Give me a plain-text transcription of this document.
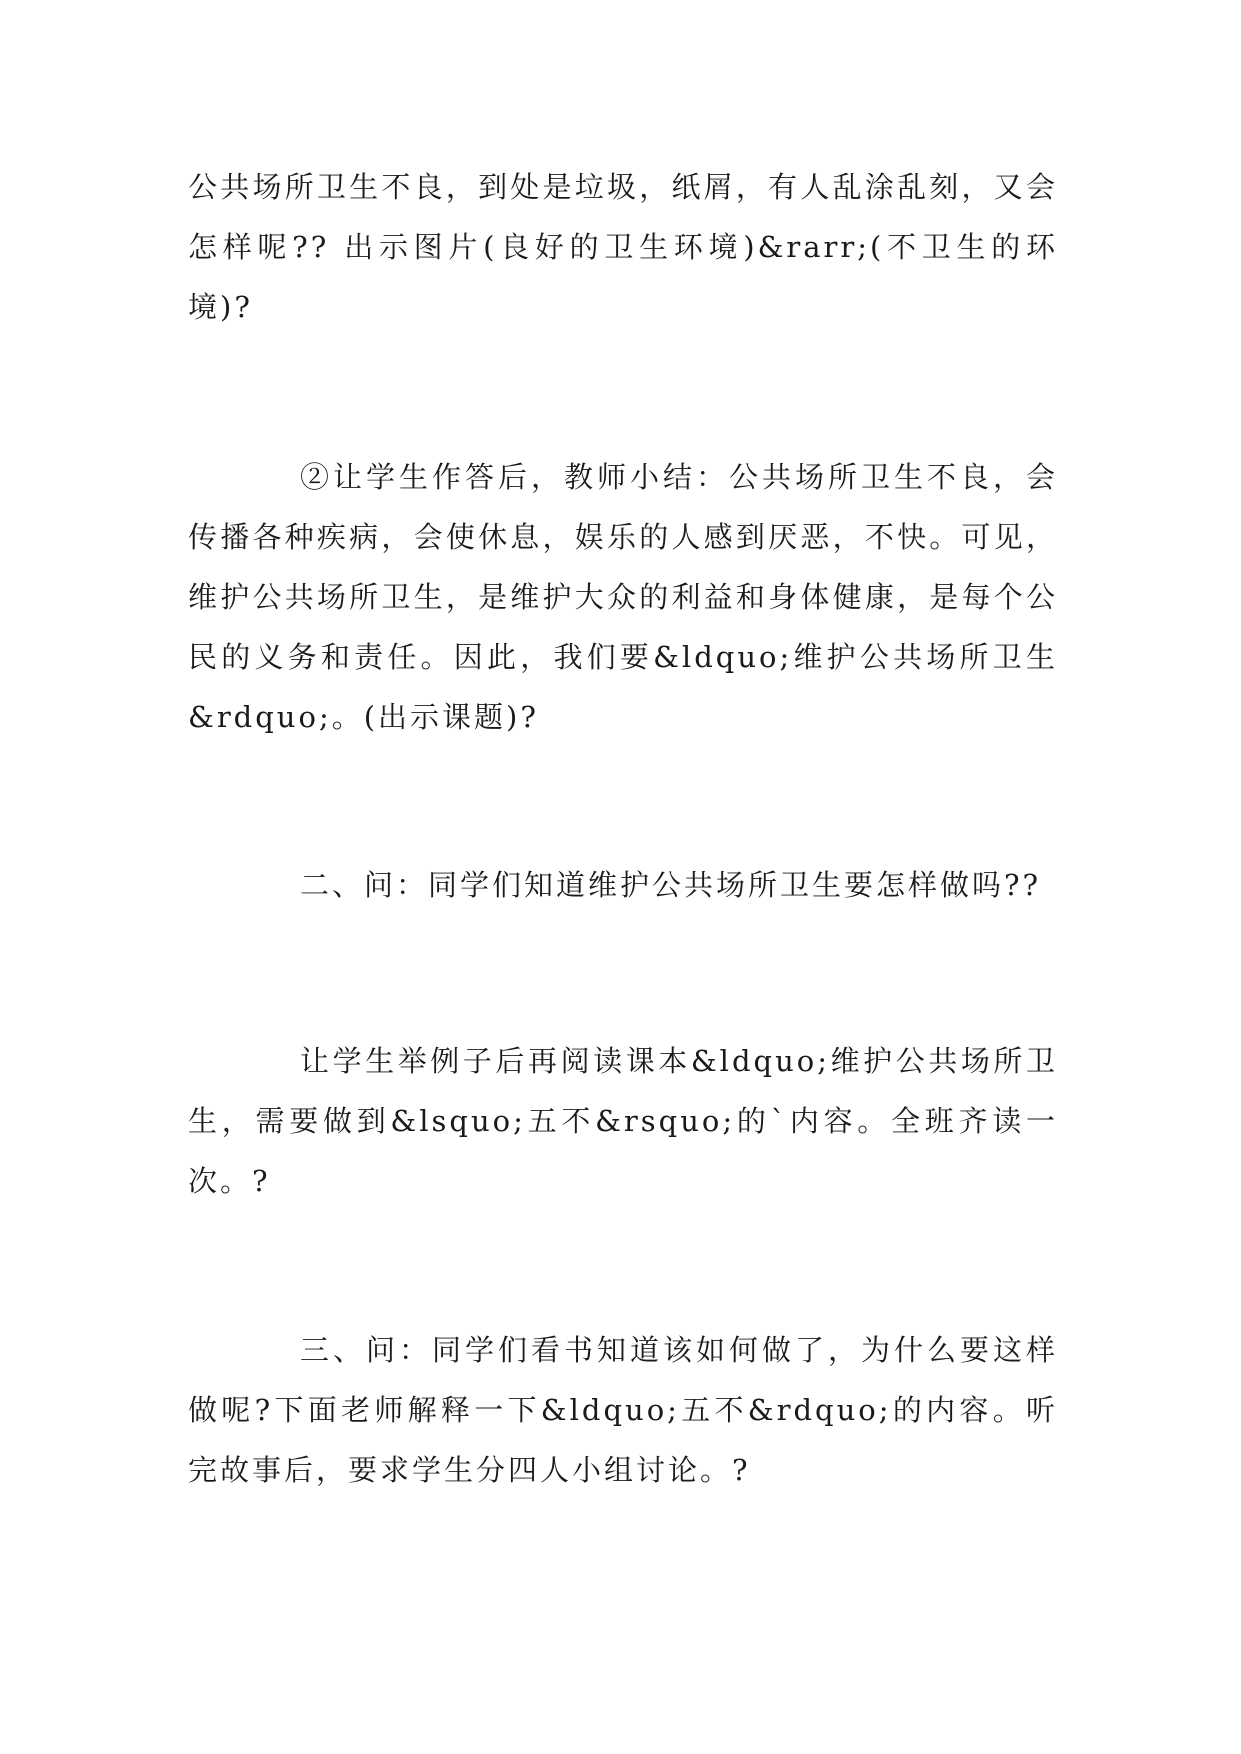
公共场所卫生不良，到处是垃圾，纸屑，有人乱涂乱刻，又会怎样呢?? 出示图片(良好的卫生环境)&rarr;(不卫生的环境)?

②让学生作答后，教师小结：公共场所卫生不良，会传播各种疾病，会使休息，娱乐的人感到厌恶，不快。可见，维护公共场所卫生，是维护大众的利益和身体健康，是每个公民的义务和责任。因此，我们要&ldquo;维护公共场所卫生&rdquo;。(出示课题)?

二、问：同学们知道维护公共场所卫生要怎样做吗??

让学生举例子后再阅读课本&ldquo;维护公共场所卫生，需要做到&lsquo;五不&rsquo;的`内容。全班齐读一次。?

三、问：同学们看书知道该如何做了，为什么要这样做呢?下面老师解释一下&ldquo;五不&rdquo;的内容。听完故事后，要求学生分四人小组讨论。?
